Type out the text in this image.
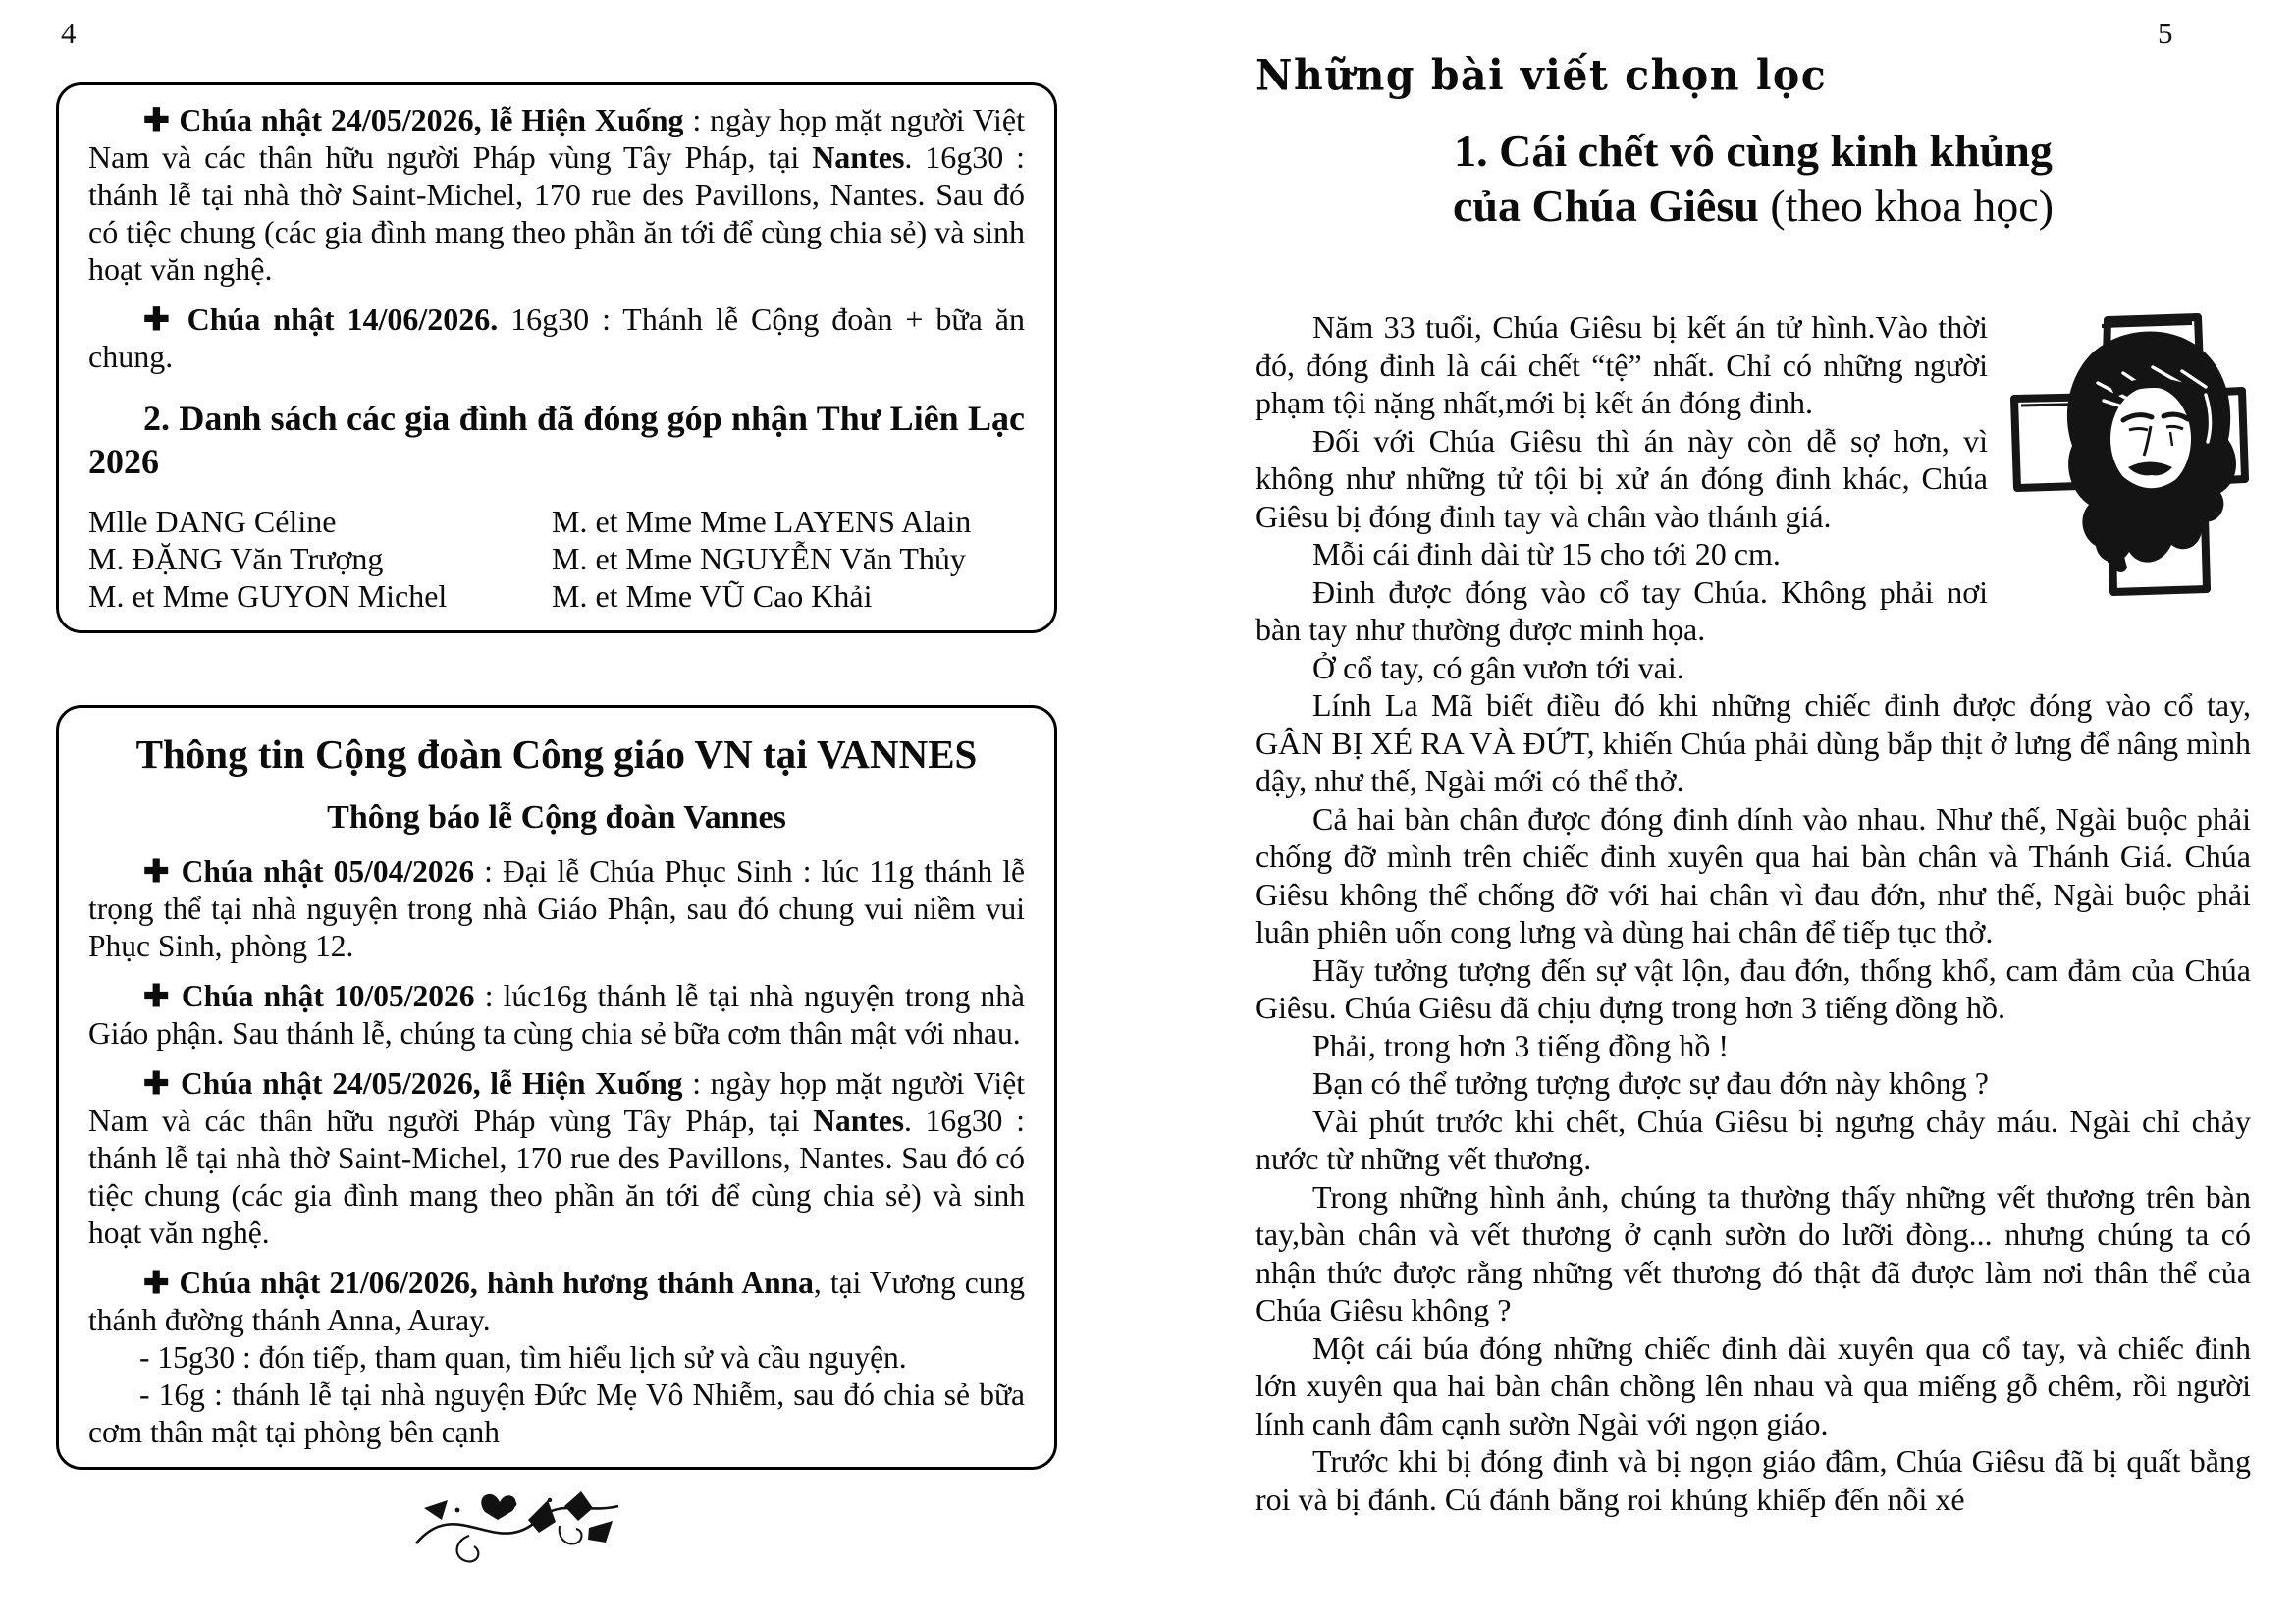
4	5

✚ Chúa nhật 24/05/2026, lễ Hiện Xuống : ngày họp mặt người Việt Nam và các thân hữu người Pháp vùng Tây Pháp, tại Nantes. 16g30 : thánh lễ tại nhà thờ Saint-Michel, 170 rue des Pavillons, Nantes. Sau đó có tiệc chung (các gia đình mang theo phần ăn tới để cùng chia sẻ) và sinh hoạt văn nghệ.

✚ Chúa nhật 14/06/2026. 16g30 : Thánh lễ Cộng đoàn + bữa ăn chung.

2. Danh sách các gia đình đã đóng góp nhận Thư Liên Lạc 2026

Mlle DANG Céline
M. ĐẶNG Văn Trượng
M. et Mme GUYON Michel
M. et Mme Mme LAYENS Alain
M. et Mme NGUYỄN Văn Thủy
M. et Mme VŨ Cao Khải

Thông tin Cộng đoàn Công giáo VN tại VANNES

Thông báo lễ Cộng đoàn Vannes

✚ Chúa nhật 05/04/2026 : Đại lễ Chúa Phục Sinh : lúc 11g thánh lễ trọng thể tại nhà nguyện trong nhà Giáo Phận, sau đó chung vui niềm vui Phục Sinh, phòng 12.

✚ Chúa nhật 10/05/2026 : lúc16g thánh lễ tại nhà nguyện trong nhà Giáo phận. Sau thánh lễ, chúng ta cùng chia sẻ bữa cơm thân mật với nhau.

✚ Chúa nhật 24/05/2026, lễ Hiện Xuống : ngày họp mặt người Việt Nam và các thân hữu người Pháp vùng Tây Pháp, tại Nantes. 16g30 : thánh lễ tại nhà thờ Saint-Michel, 170 rue des Pavillons, Nantes. Sau đó có tiệc chung (các gia đình mang theo phần ăn tới để cùng chia sẻ) và sinh hoạt văn nghệ.

✚ Chúa nhật 21/06/2026, hành hương thánh Anna, tại Vương cung thánh đường thánh Anna, Auray.

- 15g30 : đón tiếp, tham quan, tìm hiểu lịch sử và cầu nguyện.

- 16g : thánh lễ tại nhà nguyện Đức Mẹ Vô Nhiễm, sau đó chia sẻ bữa cơm thân mật tại phòng bên cạnh

Những bài viết chọn lọc
1. Cái chết vô cùng kinh khủng
của Chúa Giêsu (theo khoa học)

Năm 33 tuổi, Chúa Giêsu bị kết án tử hình.Vào thời đó, đóng đinh là cái chết “tệ” nhất. Chỉ có những người phạm tội nặng nhất,mới bị kết án đóng đinh.

Đối với Chúa Giêsu thì án này còn dễ sợ hơn, vì không như những tử tội bị xử án đóng đinh khác, Chúa Giêsu bị đóng đinh tay và chân vào thánh giá.

Mỗi cái đinh dài từ 15 cho tới 20 cm.

Đinh được đóng vào cổ tay Chúa. Không phải nơi bàn tay như thường được minh họa.

Ở cổ tay, có gân vươn tới vai.

Lính La Mã biết điều đó khi những chiếc đinh được đóng vào cổ tay, GÂN BỊ XÉ RA VÀ ĐỨT, khiến Chúa phải dùng bắp thịt ở lưng để nâng mình dậy, như thế, Ngài mới có thể thở.

Cả hai bàn chân được đóng đinh dính vào nhau. Như thế, Ngài buộc phải chống đỡ mình trên chiếc đinh xuyên qua hai bàn chân và Thánh Giá. Chúa Giêsu không thể chống đỡ với hai chân vì đau đớn, như thế, Ngài buộc phải luân phiên uốn cong lưng và dùng hai chân để tiếp tục thở.

Hãy tưởng tượng đến sự vật lộn, đau đớn, thống khổ, cam đảm của Chúa Giêsu. Chúa Giêsu đã chịu đựng trong hơn 3 tiếng đồng hồ.

Phải, trong hơn 3 tiếng đồng hồ !

Bạn có thể tưởng tượng được sự đau đớn này không ?

Vài phút trước khi chết, Chúa Giêsu bị ngưng chảy máu. Ngài chỉ chảy nước từ những vết thương.

Trong những hình ảnh, chúng ta thường thấy những vết thương trên bàn tay,bàn chân và vết thương ở cạnh sườn do lưỡi đòng... nhưng chúng ta có nhận thức được rằng những vết thương đó thật đã được làm nơi thân thể của Chúa Giêsu không ?

Một cái búa đóng những chiếc đinh dài xuyên qua cổ tay, và chiếc đinh lớn xuyên qua hai bàn chân chồng lên nhau và qua miếng gỗ chêm, rồi người lính canh đâm cạnh sườn Ngài với ngọn giáo.

Trước khi bị đóng đinh và bị ngọn giáo đâm, Chúa Giêsu đã bị quất bằng roi và bị đánh. Cú đánh bằng roi khủng khiếp đến nỗi xé
